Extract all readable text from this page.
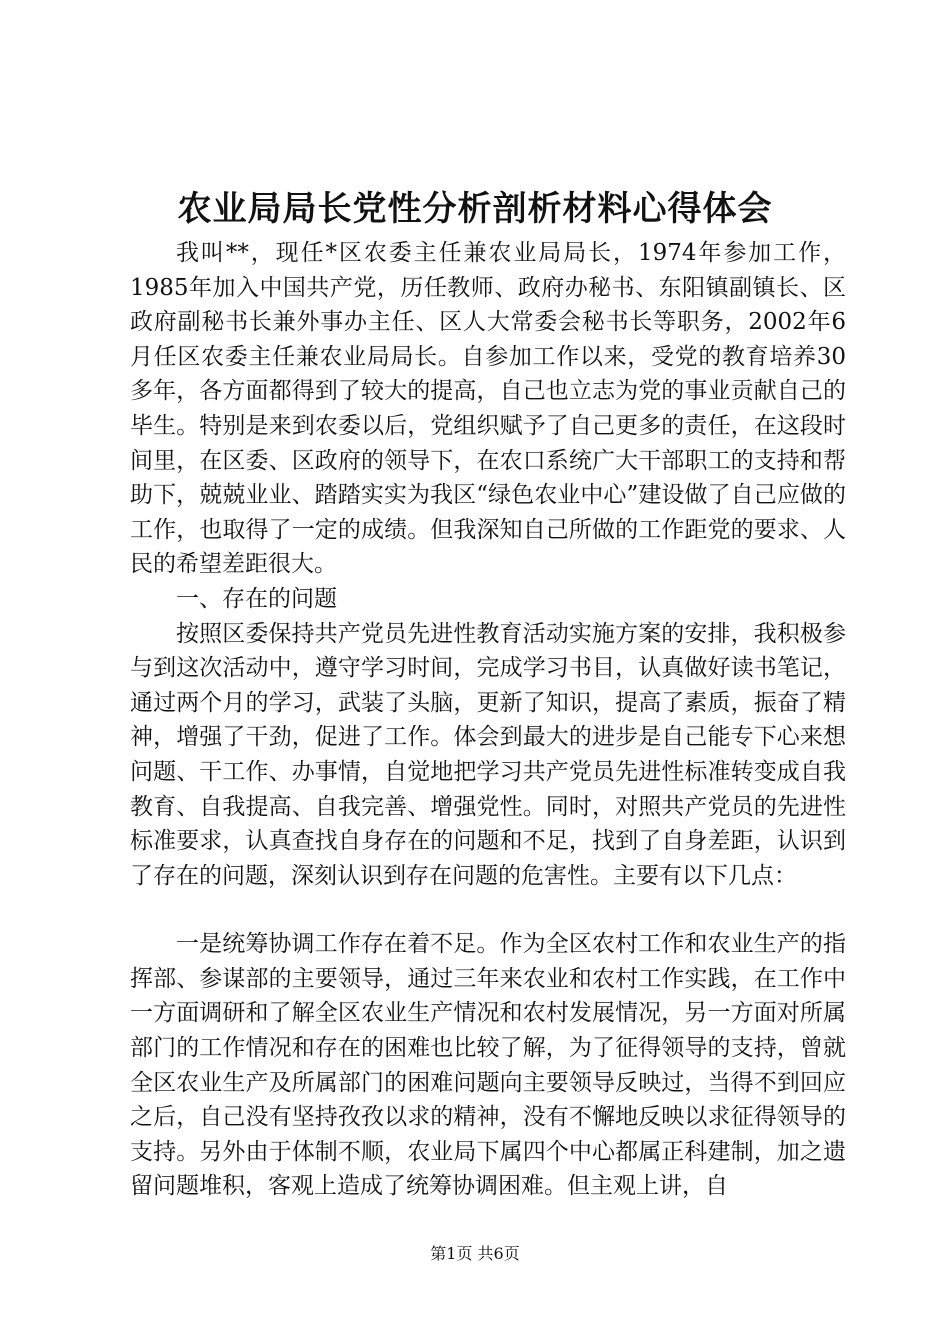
农业局局长党性分析剖析材料心得体会

我叫**，现任*区农委主任兼农业局局长，1974年参加工作，1985年加入中国共产党，历任教师、政府办秘书、东阳镇副镇长、区政府副秘书长兼外事办主任、区人大常委会秘书长等职务，2002年6月任区农委主任兼农业局局长。自参加工作以来，受党的教育培养30多年，各方面都得到了较大的提高，自己也立志为党的事业贡献自己的毕生。特别是来到农委以后，党组织赋予了自己更多的责任，在这段时间里，在区委、区政府的领导下，在农口系统广大干部职工的支持和帮助下，兢兢业业、踏踏实实为我区“绿色农业中心”建设做了自己应做的工作，也取得了一定的成绩。但我深知自己所做的工作距党的要求、人民的希望差距很大。

一、存在的问题

按照区委保持共产党员先进性教育活动实施方案的安排，我积极参与到这次活动中，遵守学习时间，完成学习书目，认真做好读书笔记，通过两个月的学习，武装了头脑，更新了知识，提高了素质，振奋了精神，增强了干劲，促进了工作。体会到最大的进步是自己能专下心来想问题、干工作、办事情，自觉地把学习共产党员先进性标准转变成自我教育、自我提高、自我完善、增强党性。同时，对照共产党员的先进性标准要求，认真查找自身存在的问题和不足，找到了自身差距，认识到了存在的问题，深刻认识到存在问题的危害性。主要有以下几点：

一是统筹协调工作存在着不足。作为全区农村工作和农业生产的指挥部、参谋部的主要领导，通过三年来农业和农村工作实践，在工作中一方面调研和了解全区农业生产情况和农村发展情况，另一方面对所属部门的工作情况和存在的困难也比较了解，为了征得领导的支持，曾就全区农业生产及所属部门的困难问题向主要领导反映过，当得不到回应之后，自己没有坚持孜孜以求的精神，没有不懈地反映以求征得领导的支持。另外由于体制不顺，农业局下属四个中心都属正科建制，加之遗留问题堆积，客观上造成了统筹协调困难。但主观上讲，自

第1页 共6页
